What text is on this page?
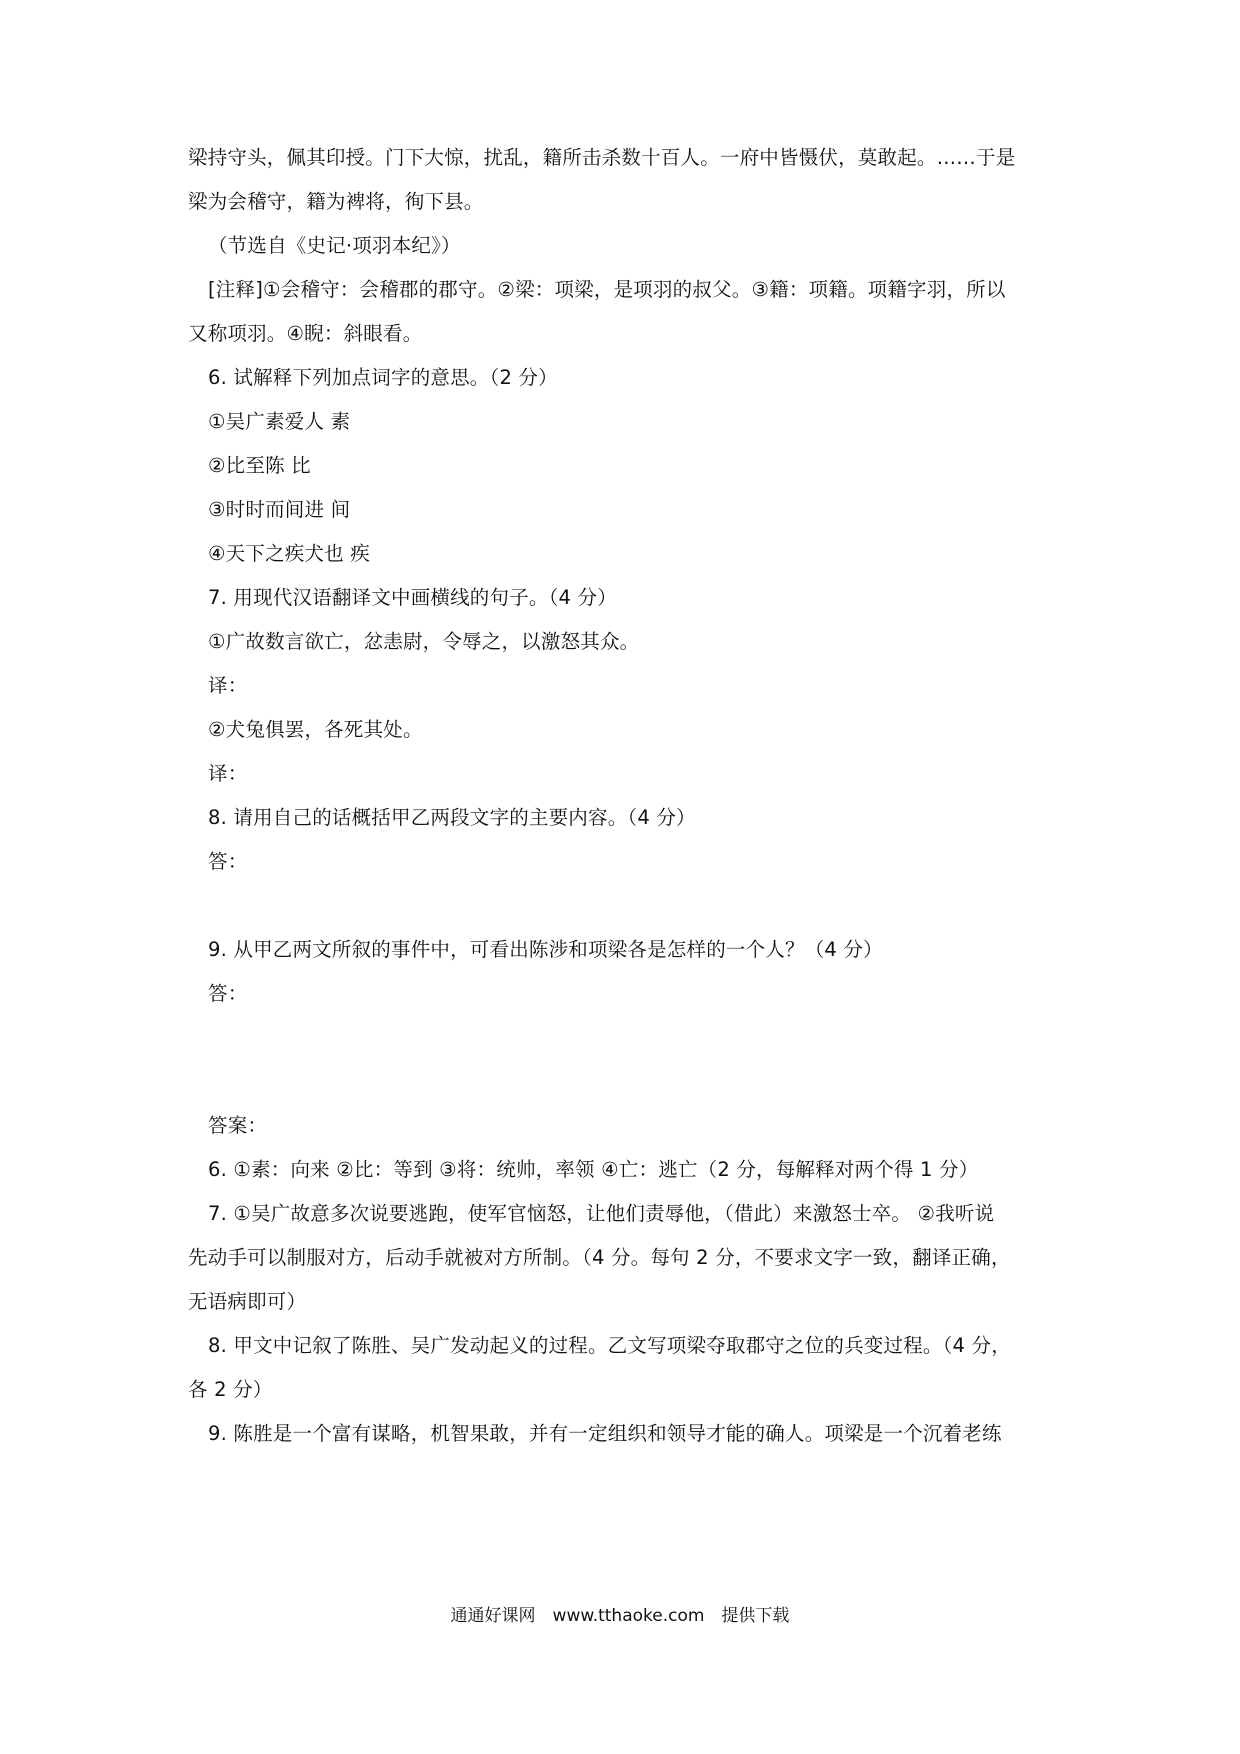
梁持守头，佩其印授。门下大惊，扰乱，籍所击杀数十百人。一府中皆慑伏，莫敢起。……于是
梁为会稽守，籍为裨将，徇下县。
（节选自《史记·项羽本纪》）
[注释]①会稽守：会稽郡的郡守。②梁：项梁，是项羽的叔父。③籍：项籍。项籍字羽，所以
又称项羽。④睨：斜眼看。
6. 试解释下列加点词字的意思。（2 分）
①吴广素爱人 素
②比至陈 比
③时时而间进 间
④天下之疾犬也 疾
7. 用现代汉语翻译文中画横线的句子。（4 分）
①广故数言欲亡，忿恚尉，令辱之，以激怒其众。
译：
②犬兔俱罢，各死其处。
译：
8. 请用自己的话概括甲乙两段文字的主要内容。（4 分）
答：
9. 从甲乙两文所叙的事件中，可看出陈涉和项梁各是怎样的一个人？（4 分）
答：
答案：
6. ①素：向来 ②比：等到 ③将：统帅，率领 ④亡：逃亡（2 分，每解释对两个得 1 分）
7. ①吴广故意多次说要逃跑，使军官恼怒，让他们责辱他，（借此）来激怒士卒。 ②我听说
先动手可以制服对方，后动手就被对方所制。（4 分。每句 2 分，不要求文字一致，翻译正确，
无语病即可）
8. 甲文中记叙了陈胜、吴广发动起义的过程。乙文写项梁夺取郡守之位的兵变过程。（4 分，
各 2 分）
9. 陈胜是一个富有谋略，机智果敢，并有一定组织和领导才能的确人。项梁是一个沉着老练
通通好课网　www.tthaoke.com　提供下载
